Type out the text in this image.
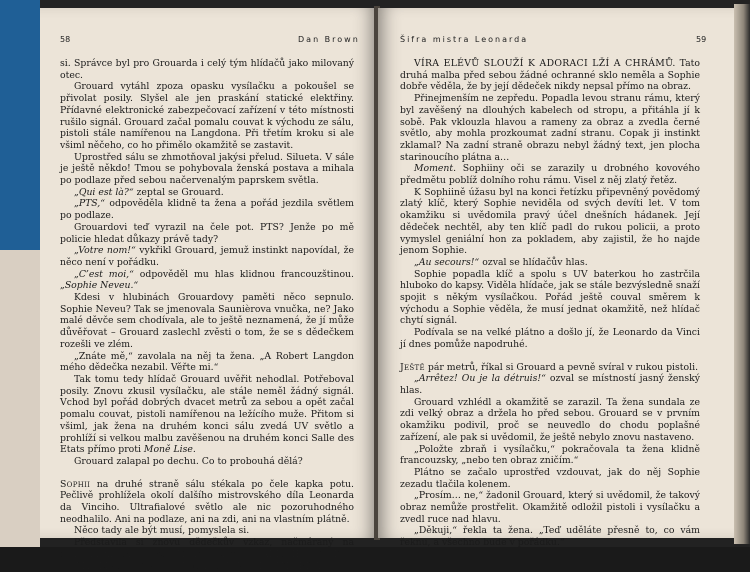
58	Dan Brown

si. Správce byl pro Grouarda i celý tým hlídačů jako milovaný otec.

Grouard vytáhl zpoza opasku vysílačku a pokoušel se přivolat posily. Slyšel ale jen praskání statické elektřiny. Přídavné elektronické zabezpečovací zařízení v této místnosti rušilo signál. Grouard začal pomalu couvat k východu ze sálu, pistoli stále namířenou na Langdona. Při třetím kroku si ale všiml něčeho, co ho přimělo okamžitě se zastavit.

Uprostřed sálu se zhmotňoval jakýsi přelud. Silueta. V sále je ještě někdo! Tmou se pohybovala ženská postava a mihala po podlaze před sebou načervenalým paprskem světla.

„Qui est là?“ zeptal se Grouard.

„PTS,“ odpověděla klidně ta žena a pořád jezdila světlem po podlaze.

Grouardovi teď vyrazil na čele pot. PTS? Jenže po mě policie hledat důkazy právě tady?

„Votre nom!“ vykřikl Grouard, jemuž instinkt napovídal, že něco není v pořádku.

„C’est moi,“ odpověděl mu hlas klidnou francouzštinou. „Sophie Neveu.“

Kdesi v hlubinách Grouardovy paměti něco sepnulo. Sophie Neveu? Tak se jmenovala Saunièrova vnučka, ne? Jako malé děvče sem chodívala, ale to ještě neznamená, že jí může důvěřovat – Grouard zaslechl zvěsti o tom, že se s dědečkem rozešli ve zlém.

„Znáte mě,“ zavolala na něj ta žena. „A Robert Langdon mého dědečka nezabil. Věřte mi.“

Tak tomu tedy hlídač Grouard uvěřit nehodlal. Potřeboval posily. Znovu zkusil vysílačku, ale stále neměl žádný signál. Vchod byl pořád dobrých dvacet metrů za sebou a opět začal pomalu couvat, pistoli namířenou na ležícího muže. Přitom si všiml, jak žena na druhém konci sálu zvedá UV světlo a prohlíží si velkou malbu zavěšenou na druhém konci Salle des Etats přímo proti Moně Lise.

Grouard zalapal po dechu. Co to probouhá dělá?

Sophii na druhé straně sálu stékala po čele kapka potu. Pečlivě prohlížela okolí dalšího mistrovského díla Leonarda da Vinciho. Ultrafialové světlo ale nic pozoruhodného neodhalilo. Ani na podlaze, ani na zdi, ani na vlastním plátně.

Něco tady ale být musí, pomyslela si.

Představila si znovu dědečkův vzkaz, načmáraný na ochranném skle před Monou Lisou. MALICHERNOST A DOMÝŠLIVOST OVLÁDLY NÁBOŽENSKÉ AUTORITY.

Šifra mistra Leonarda	59

VÍRA ELÉVŮ SLOUŽÍ K ADORACI LŽÍ A CHRÁMŮ. Tato druhá malba před sebou žádné ochranné sklo neměla a Sophie dobře věděla, že by její dědeček nikdy nepsal přímo na obraz.

Přinejmenším ne zepředu. Popadla levou stranu rámu, který byl zavěšený na dlouhých kabelech od stropu, a přitáhla jí k sobě. Pak vklouzla hlavou a rameny za obraz a zvedla černé světlo, aby mohla prozkoumat zadní stranu. Copak ji instinkt zklamal? Na zadní straně obrazu nebyl žádný text, jen plocha starinoucího plátna a…

Moment. Sophiiny oči se zarazily u drobného kovového předmětu poblíž dolního rohu rámu. Visel z něj zlatý řetěz.

K Sophiině úžasu byl na konci řetízku připevněný povědomý zlatý klíč, který Sophie neviděla od svých devíti let. V tom okamžiku si uvědomila pravý účel dnešních hádanek. Její dědeček nechtěl, aby ten klíč padl do rukou policii, a proto vymyslel geniální hon za pokladem, aby zajistil, že ho najde jenom Sophie.

„Au secours!“ ozval se hlídačův hlas.

Sophie popadla klíč a spolu s UV baterkou ho zastrčila hluboko do kapsy. Viděla hlídače, jak se stále bezvýsledně snaží spojit s někým vysílačkou. Pořád ještě couval směrem k východu a Sophie věděla, že musí jednat okamžitě, než hlídač chytí signál.

Podívala se na velké plátno a došlo jí, že Leonardo da Vinci jí dnes pomůže napodruhé.

Ještě pár metrů, říkal si Grouard a pevně svíral v rukou pistoli.

„Arrêtez! Ou je la détruis!“ ozval se místností jasný ženský hlas.

Grouard vzhlédl a okamžitě se zarazil. Ta žena sundala ze zdi velký obraz a držela ho před sebou. Grouard se v prvním okamžiku podivil, proč se neuvedlo do chodu poplašné zařízení, ale pak si uvědomil, že ještě nebylo znovu nastaveno.

„Položte zbraň i vysílačku,“ pokračovala ta žena klidně francouzsky, „nebo ten obraz zničím.“

Plátno se začalo uprostřed vzdouvat, jak do něj Sophie zezadu tlačila kolenem.

„Prosím… ne,“ žadonil Grouard, který si uvědomil, že takový obraz nemůže prostřelit. Okamžitě odložil pistoli i vysílačku a zvedl ruce nad hlavu.

„Děkuji,“ řekla ta žena. „Teď uděláte přesně to, co vám řeknu, a všechno bude v pořádku.“
